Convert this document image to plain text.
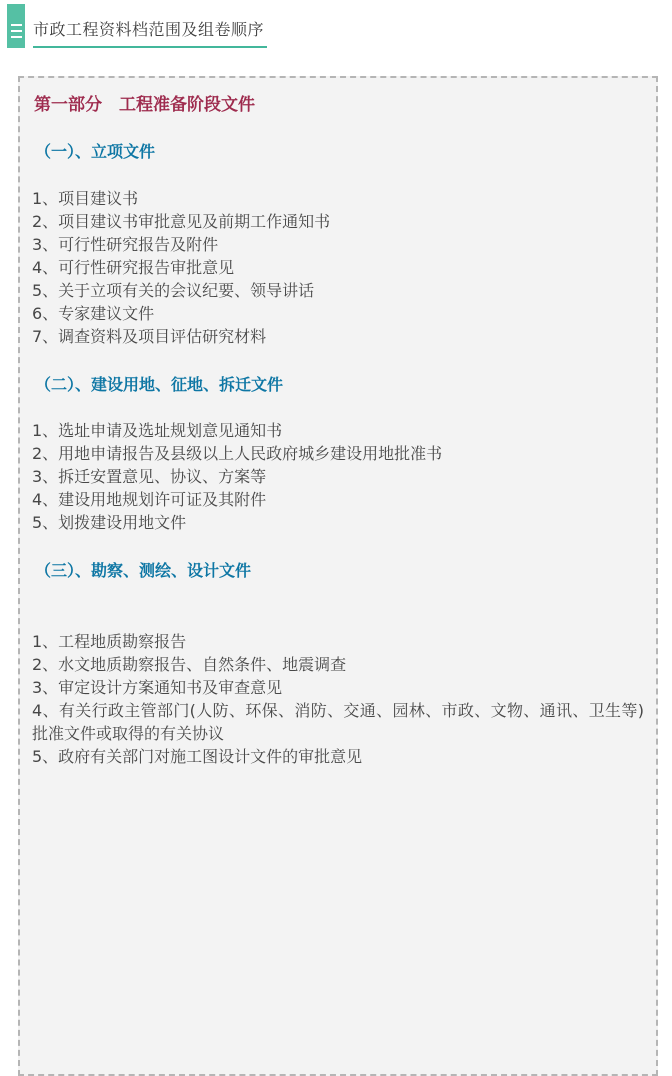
市政工程资料档范围及组卷顺序
第一部分　工程准备阶段文件
（一）、立项文件

1、项目建议书

2、项目建议书审批意见及前期工作通知书

3、可行性研究报告及附件

4、可行性研究报告审批意见

5、关于立项有关的会议纪要、领导讲话

6、专家建议文件

7、调查资料及项目评估研究材料

（二）、建设用地、征地、拆迁文件

1、选址申请及选址规划意见通知书

2、用地申请报告及县级以上人民政府城乡建设用地批准书

3、拆迁安置意见、协议、方案等

4、建设用地规划许可证及其附件

5、划拨建设用地文件

（三）、勘察、测绘、设计文件

1、工程地质勘察报告

2、水文地质勘察报告、自然条件、地震调查

3、审定设计方案通知书及审查意见

4、有关行政主管部门(人防、环保、消防、交通、园林、市政、文物、通讯、卫生等)批准文件或取得的有关协议

5、政府有关部门对施工图设计文件的审批意见
